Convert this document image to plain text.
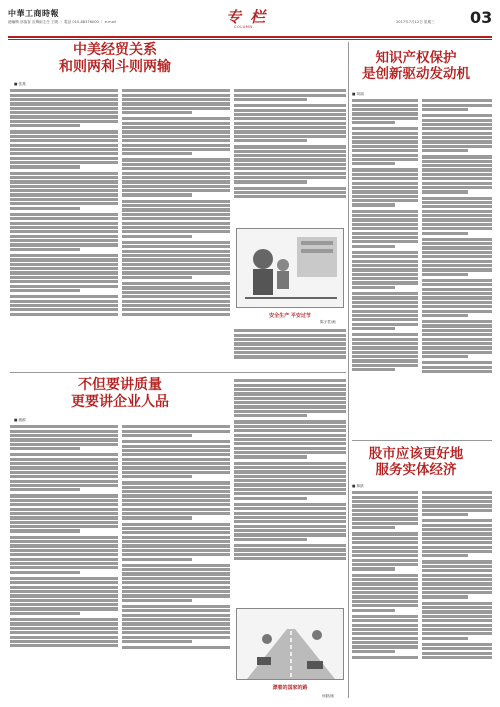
中華工商時報
總編輯 部落客 宣傳副主任 王曉 ｜ 電話 010-88376000 ｜ e-mail	专 栏
COLUMN
2017年7月12日 星期三 03
中美经贸关系
和则两利斗则两输
■ 张燕
安全生产 平安过节
陈子君/画
不但要讲质量
更要讲企业人品
■ 桃源
漂着的国家的路
何跃/画
知识产权保护
是创新驱动发动机
■ 刘丽
股市应该更好地
服务实体经济
■ 林跃
